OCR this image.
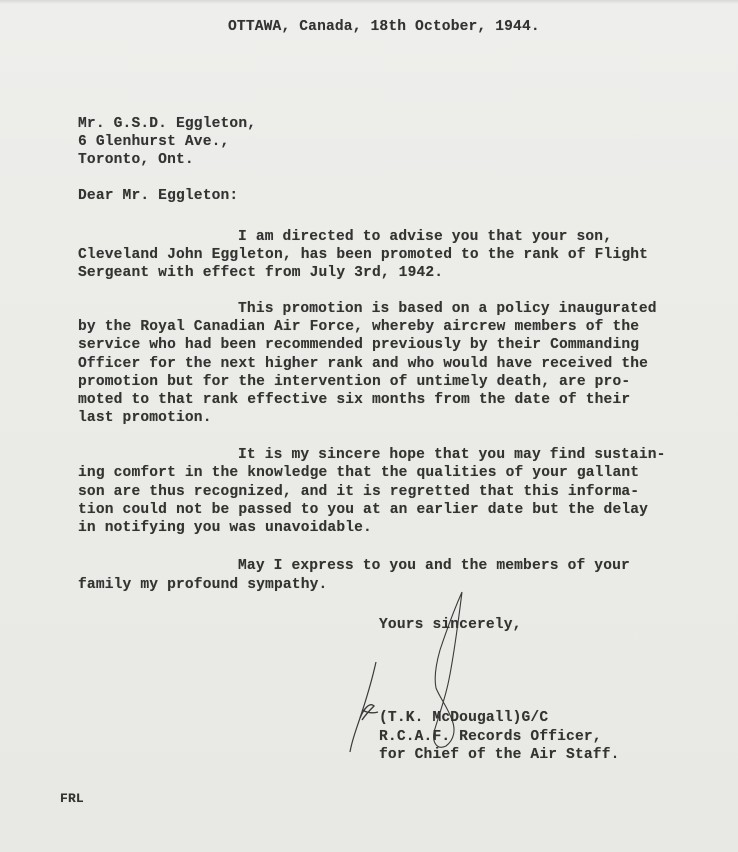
OTTAWA, Canada, 18th October, 1944.
Mr. G.S.D. Eggleton,
6 Glenhurst Ave.,
Toronto, Ont.
Dear Mr. Eggleton:
I am directed to advise you that your son,
Cleveland John Eggleton, has been promoted to the rank of Flight
Sergeant with effect from July 3rd, 1942.
This promotion is based on a policy inaugurated
by the Royal Canadian Air Force, whereby aircrew members of the
service who had been recommended previously by their Commanding
Officer for the next higher rank and who would have received the
promotion but for the intervention of untimely death, are pro-
moted to that rank effective six months from the date of their
last promotion.
It is my sincere hope that you may find sustain-
ing comfort in the knowledge that the qualities of your gallant
son are thus recognized, and it is regretted that this informa-
tion could not be passed to you at an earlier date but the delay
in notifying you was unavoidable.
May I express to you and the members of your
family my profound sympathy.
Yours sincerely,
(T.K. McDougall)G/C
R.C.A.F. Records Officer,
for Chief of the Air Staff.
FRL
